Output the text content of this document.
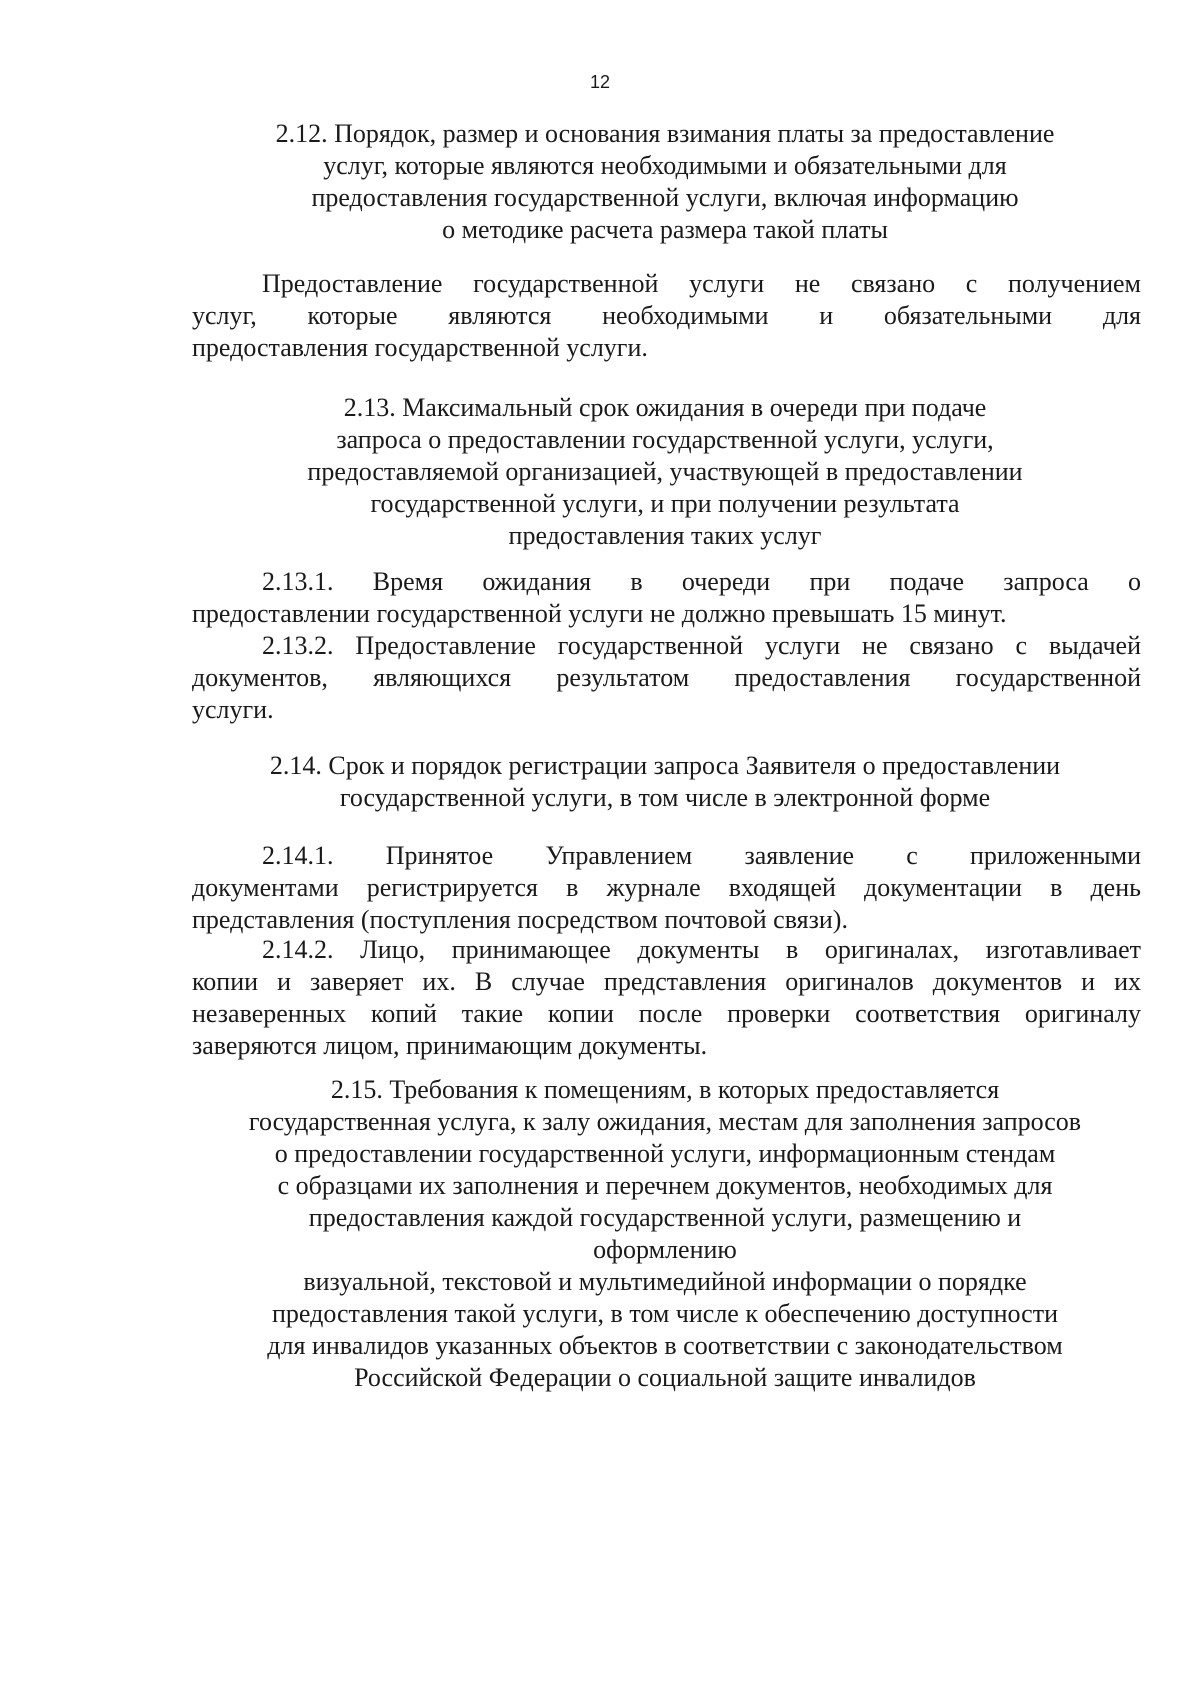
12
2.12. Порядок, размер и основания взимания платы за предоставление
услуг, которые являются необходимыми и обязательными для
предоставления государственной услуги, включая информацию
о методике расчета размера такой платы

Предоставление государственной услуги не связано с получением
услуг, которые являются необходимыми и обязательными для
предоставления государственной услуги.

2.13. Максимальный срок ожидания в очереди при подаче
запроса о предоставлении государственной услуги, услуги,
предоставляемой организацией, участвующей в предоставлении
государственной услуги, и при получении результата
предоставления таких услуг

2.13.1. Время ожидания в очереди при подаче запроса о
предоставлении государственной услуги не должно превышать 15 минут.

2.13.2. Предоставление государственной услуги не связано с выдачей
документов, являющихся результатом предоставления государственной
услуги.

2.14. Срок и порядок регистрации запроса Заявителя о предоставлении
государственной услуги, в том числе в электронной форме

2.14.1. Принятое Управлением заявление с приложенными
документами регистрируется в журнале входящей документации в день
представления (поступления посредством почтовой связи).

2.14.2. Лицо, принимающее документы в оригиналах, изготавливает
копии и заверяет их. В случае представления оригиналов документов и их
незаверенных копий такие копии после проверки соответствия оригиналу
заверяются лицом, принимающим документы.

2.15. Требования к помещениям, в которых предоставляется
государственная услуга, к залу ожидания, местам для заполнения запросов
о предоставлении государственной услуги, информационным стендам
с образцами их заполнения и перечнем документов, необходимых для
предоставления каждой государственной услуги, размещению и
оформлению
визуальной, текстовой и мультимедийной информации о порядке
предоставления такой услуги, в том числе к обеспечению доступности
для инвалидов указанных объектов в соответствии с законодательством
Российской Федерации о социальной защите инвалидов
